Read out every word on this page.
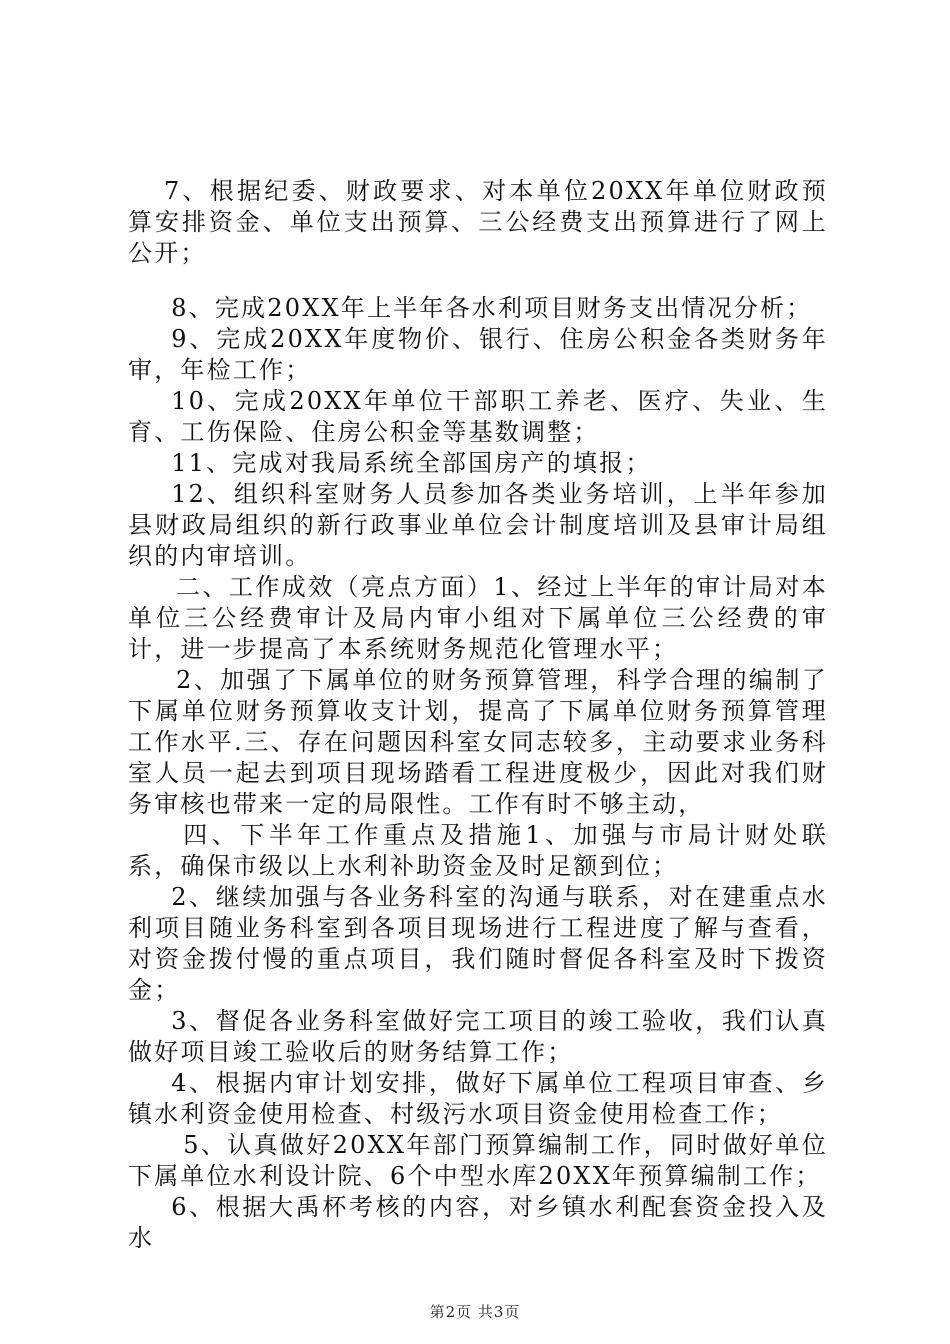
7、根据纪委、财政要求、对本单位20XX年单位财政预算安排资金、单位支出预算、三公经费支出预算进行了网上公开；

8、完成20XX年上半年各水利项目财务支出情况分析；

9、完成20XX年度物价、银行、住房公积金各类财务年审，年检工作；

10、完成20XX年单位干部职工养老、医疗、失业、生育、工伤保险、住房公积金等基数调整；

11、完成对我局系统全部国房产的填报；

12、组织科室财务人员参加各类业务培训，上半年参加县财政局组织的新行政事业单位会计制度培训及县审计局组织的内审培训。

二、工作成效（亮点方面）1、经过上半年的审计局对本单位三公经费审计及局内审小组对下属单位三公经费的审计，进一步提高了本系统财务规范化管理水平；

2、加强了下属单位的财务预算管理，科学合理的编制了下属单位财务预算收支计划，提高了下属单位财务预算管理工作水平.三、存在问题因科室女同志较多，主动要求业务科室人员一起去到项目现场踏看工程进度极少，因此对我们财务审核也带来一定的局限性。工作有时不够主动，

四、下半年工作重点及措施1、加强与市局计财处联系，确保市级以上水利补助资金及时足额到位；

2、继续加强与各业务科室的沟通与联系，对在建重点水利项目随业务科室到各项目现场进行工程进度了解与查看，对资金拨付慢的重点项目，我们随时督促各科室及时下拨资金；

3、督促各业务科室做好完工项目的竣工验收，我们认真做好项目竣工验收后的财务结算工作；

4、根据内审计划安排，做好下属单位工程项目审查、乡镇水利资金使用检查、村级污水项目资金使用检查工作；

5、认真做好20XX年部门预算编制工作，同时做好单位下属单位水利设计院、6个中型水库20XX年预算编制工作；

6、根据大禹杯考核的内容，对乡镇水利配套资金投入及水

第2页 共3页
